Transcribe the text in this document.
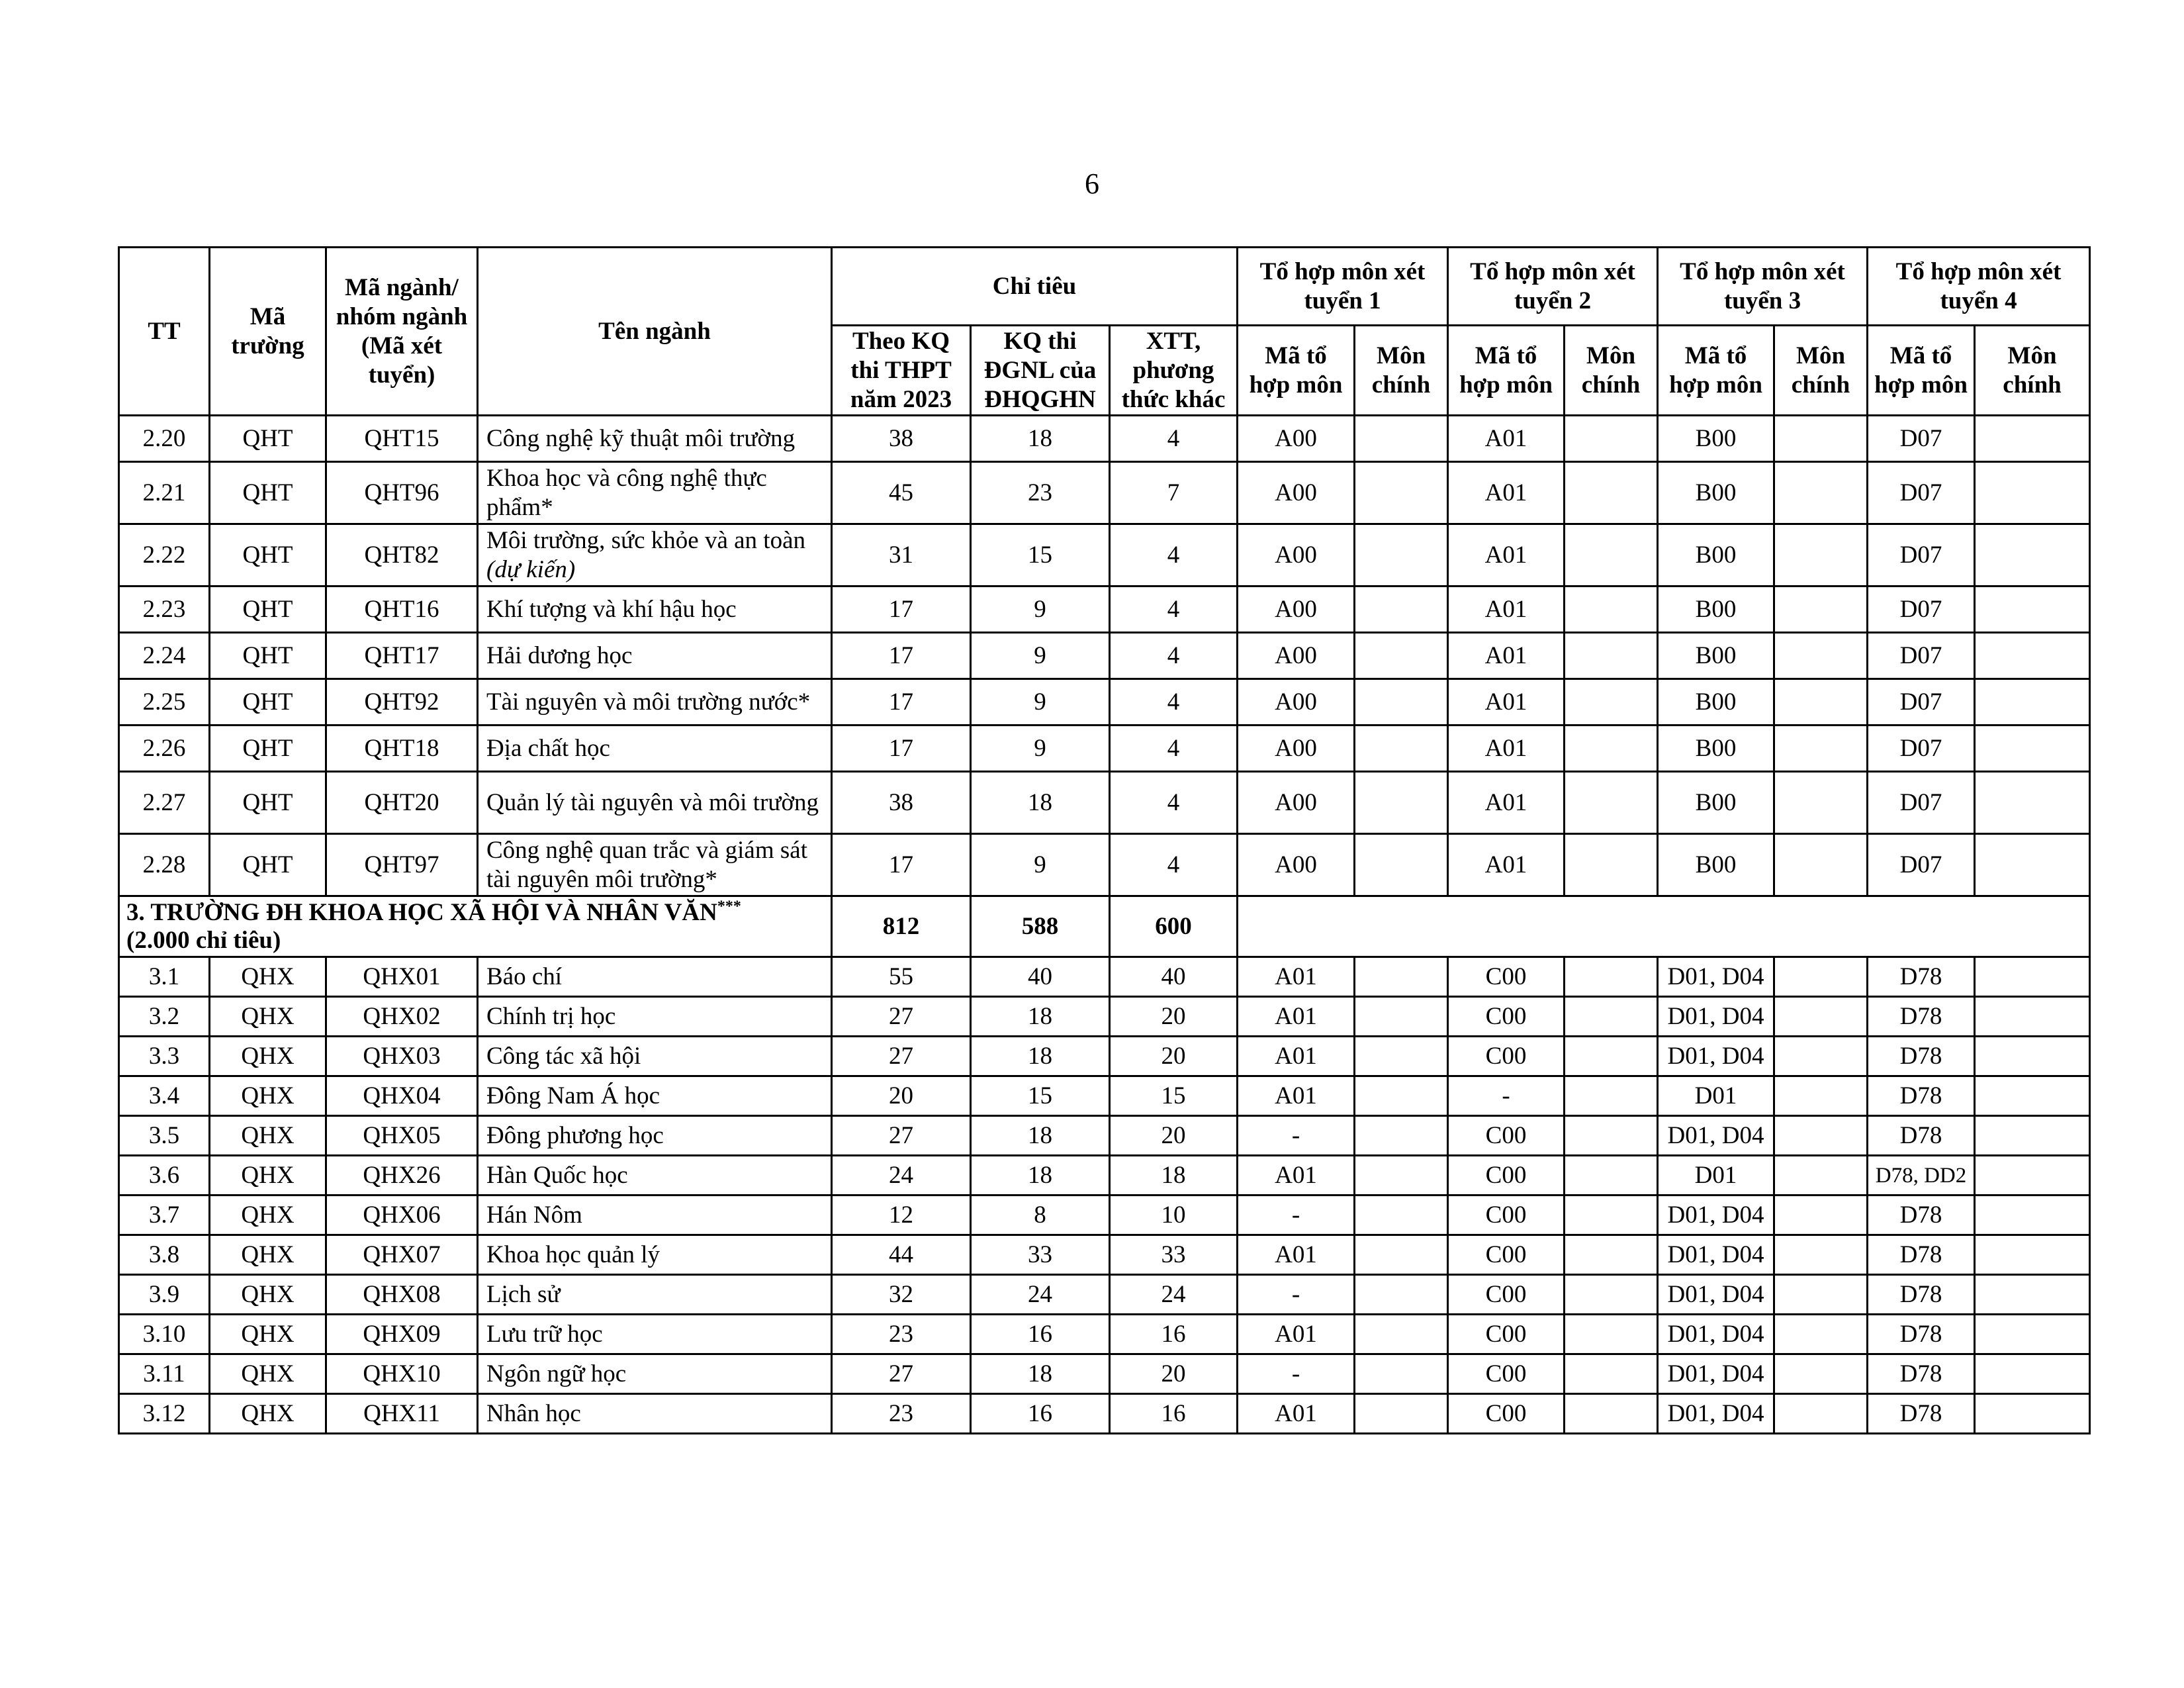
6
TT	Mã trường	Mã ngành/ nhóm ngành (Mã xét tuyển)	Tên ngành	Chỉ tiêu			Tổ hợp môn xét tuyển 1		Tổ hợp môn xét tuyển 2		Tổ hợp môn xét tuyển 3		Tổ hợp môn xét tuyển 4	
				Theo KQ thi THPT năm 2023	KQ thi ĐGNL của ĐHQGHN	XTT, phương thức khác	Mã tổ hợp môn	Môn chính	Mã tổ hợp môn	Môn chính	Mã tổ hợp môn	Môn chính	Mã tổ hợp môn	Môn chính
2.20	QHT	QHT15	Công nghệ kỹ thuật môi trường	38	18	4	A00		A01		B00		D07	
2.21	QHT	QHT96	Khoa học và công nghệ thực phẩm*	45	23	7	A00		A01		B00		D07	
2.22	QHT	QHT82	Môi trường, sức khỏe và an toàn
(dự kiến)	31	15	4	A00		A01		B00		D07	
2.23	QHT	QHT16	Khí tượng và khí hậu học	17	9	4	A00		A01		B00		D07	
2.24	QHT	QHT17	Hải dương học	17	9	4	A00		A01		B00		D07	
2.25	QHT	QHT92	Tài nguyên và môi trường nước*	17	9	4	A00		A01		B00		D07	
2.26	QHT	QHT18	Địa chất học	17	9	4	A00		A01		B00		D07	
2.27	QHT	QHT20	Quản lý tài nguyên và môi trường	38	18	4	A00		A01		B00		D07	
2.28	QHT	QHT97	Công nghệ quan trắc và giám sát tài nguyên môi trường*	17	9	4	A00		A01		B00		D07	
3. TRƯỜNG ĐH KHOA HỌC XÃ HỘI VÀ NHÂN VĂN***
(2.000 chỉ tiêu)				812	588	600								
3.1	QHX	QHX01	Báo chí	55	40	40	A01		C00		D01, D04		D78	
3.2	QHX	QHX02	Chính trị học	27	18	20	A01		C00		D01, D04		D78	
3.3	QHX	QHX03	Công tác xã hội	27	18	20	A01		C00		D01, D04		D78	
3.4	QHX	QHX04	Đông Nam Á học	20	15	15	A01		-		D01		D78	
3.5	QHX	QHX05	Đông phương học	27	18	20	-		C00		D01, D04		D78	
3.6	QHX	QHX26	Hàn Quốc học	24	18	18	A01		C00		D01		D78, DD2	
3.7	QHX	QHX06	Hán Nôm	12	8	10	-		C00		D01, D04		D78	
3.8	QHX	QHX07	Khoa học quản lý	44	33	33	A01		C00		D01, D04		D78	
3.9	QHX	QHX08	Lịch sử	32	24	24	-		C00		D01, D04		D78	
3.10	QHX	QHX09	Lưu trữ học	23	16	16	A01		C00		D01, D04		D78	
3.11	QHX	QHX10	Ngôn ngữ học	27	18	20	-		C00		D01, D04		D78	
3.12	QHX	QHX11	Nhân học	23	16	16	A01		C00		D01, D04		D78	
